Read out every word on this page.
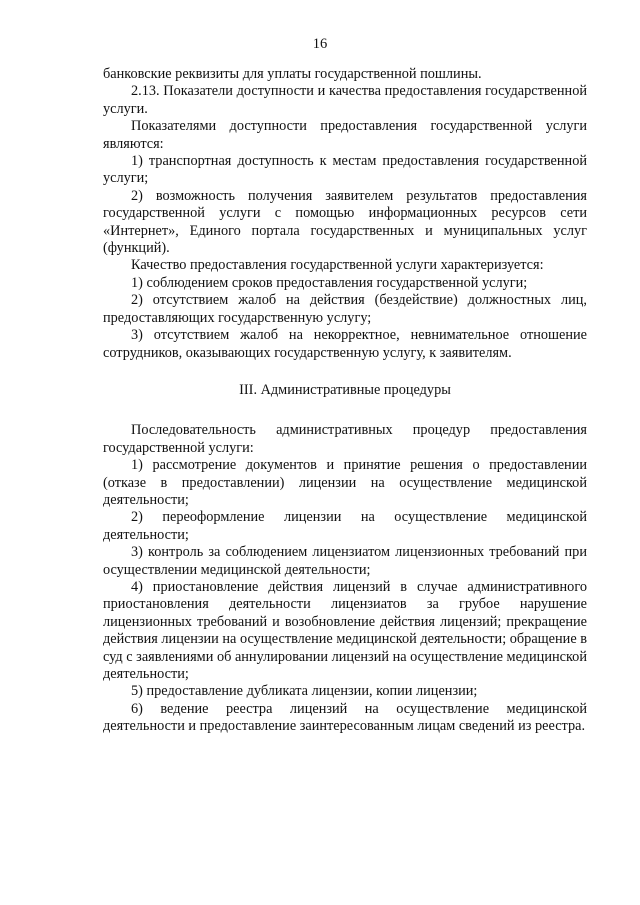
16

банковские реквизиты для уплаты государственной пошлины.

2.13. Показатели доступности и качества предоставления государственной услуги.

Показателями доступности предоставления государственной услуги являются:

1) транспортная доступность к местам предоставления государственной услуги;

2) возможность получения заявителем результатов предоставления государственной услуги с помощью информационных ресурсов сети «Интернет», Единого портала государственных и муниципальных услуг (функций).

Качество предоставления государственной услуги характеризуется:

1) соблюдением сроков предоставления государственной услуги;

2) отсутствием жалоб на действия (бездействие) должностных лиц, предоставляющих государственную услугу;

3) отсутствием жалоб на некорректное, невнимательное отношение сотрудников, оказывающих государственную услугу, к заявителям.

III. Административные процедуры

Последовательность административных процедур предоставления государственной услуги:

1) рассмотрение документов и принятие решения о предоставлении (отказе в предоставлении) лицензии на осуществление медицинской деятельности;

2) переоформление лицензии на осуществление медицинской деятельности;

3) контроль за соблюдением лицензиатом лицензионных требований при осуществлении медицинской деятельности;

4) приостановление действия лицензий в случае административного приостановления деятельности лицензиатов за грубое нарушение лицензионных требований и возобновление действия лицензий; прекращение действия лицензии на осуществление медицинской деятельности; обращение в суд с заявлениями об аннулировании лицензий на осуществление медицинской деятельности;

5) предоставление дубликата лицензии, копии лицензии;

6) ведение реестра лицензий на осуществление медицинской деятельности и предоставление заинтересованным лицам сведений из реестра.
